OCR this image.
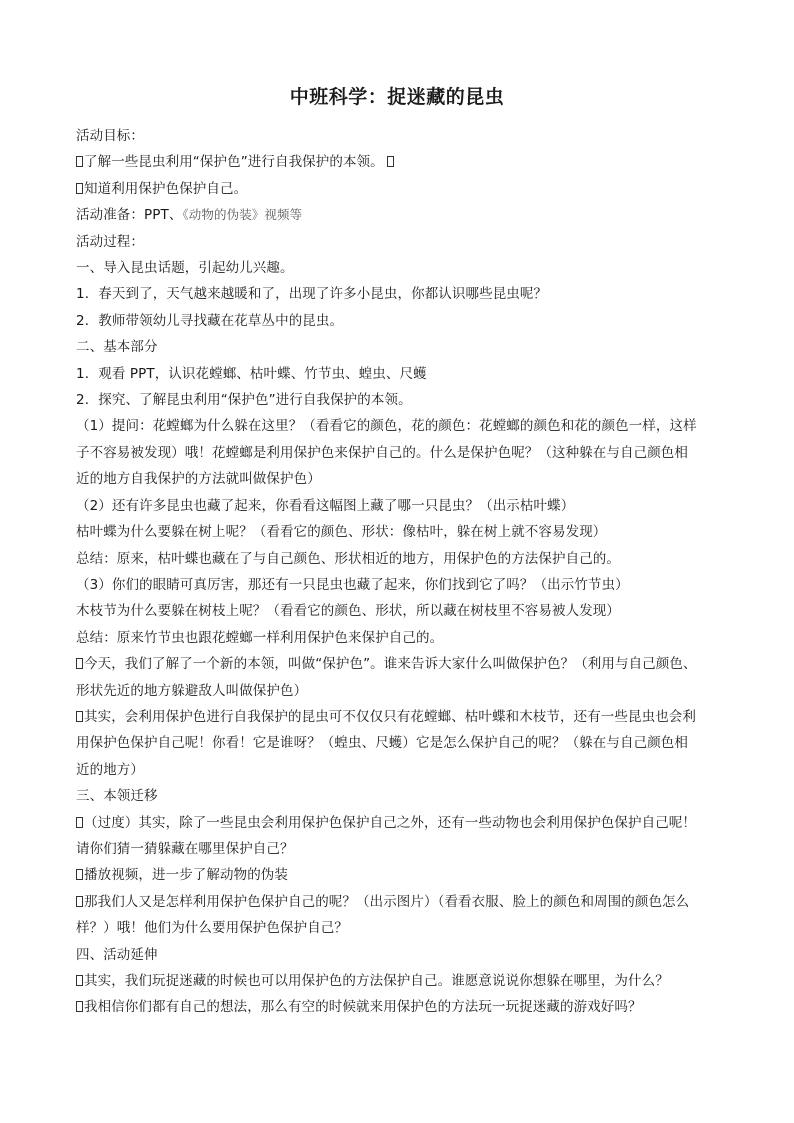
中班科学：捉迷藏的昆虫
活动目标：
了解一些昆虫利用“保护色”进行自我保护的本领。
知道利用保护色保护自己。
活动准备：PPT、《动物的伪装》视频等
活动过程：
一、导入昆虫话题，引起幼儿兴趣。
1．春天到了，天气越来越暖和了，出现了许多小昆虫，你都认识哪些昆虫呢？
2．教师带领幼儿寻找藏在花草丛中的昆虫。
二、基本部分
1．观看 PPT，认识花螳螂、枯叶蝶、竹节虫、蝗虫、尺蠖
2．探究、了解昆虫利用“保护色”进行自我保护的本领。
（1）提问：花螳螂为什么躲在这里？（看看它的颜色，花的颜色：花螳螂的颜色和花的颜色一样，这样
子不容易被发现）哦！花螳螂是利用保护色来保护自己的。什么是保护色呢？（这种躲在与自己颜色相
近的地方自我保护的方法就叫做保护色）
（2）还有许多昆虫也藏了起来，你看看这幅图上藏了哪一只昆虫？（出示枯叶蝶）
枯叶蝶为什么要躲在树上呢？（看看它的颜色、形状：像枯叶，躲在树上就不容易发现）
总结：原来，枯叶蝶也藏在了与自己颜色、形状相近的地方，用保护色的方法保护自己的。
（3）你们的眼睛可真厉害，那还有一只昆虫也藏了起来，你们找到它了吗？（出示竹节虫）
木枝节为什么要躲在树枝上呢？（看看它的颜色、形状，所以藏在树枝里不容易被人发现）
总结：原来竹节虫也跟花螳螂一样利用保护色来保护自己的。
今天，我们了解了一个新的本领，叫做“保护色”。谁来告诉大家什么叫做保护色？（利用与自己颜色、
形状先近的地方躲避敌人叫做保护色）
其实，会利用保护色进行自我保护的昆虫可不仅仅只有花螳螂、枯叶蝶和木枝节，还有一些昆虫也会利
用保护色保护自己呢！你看！它是谁呀？（蝗虫、尺蠖）它是怎么保护自己的呢？（躲在与自己颜色相
近的地方）
三、本领迁移
（过度）其实，除了一些昆虫会利用保护色保护自己之外，还有一些动物也会利用保护色保护自己呢！
请你们猜一猜躲藏在哪里保护自己？
播放视频，进一步了解动物的伪装
那我们人又是怎样利用保护色保护自己的呢？（出示图片）（看看衣服、脸上的颜色和周围的颜色怎么
样？）哦！他们为什么要用保护色保护自己？
四、活动延伸
其实，我们玩捉迷藏的时候也可以用保护色的方法保护自己。谁愿意说说你想躲在哪里，为什么？
我相信你们都有自己的想法，那么有空的时候就来用保护色的方法玩一玩捉迷藏的游戏好吗？
